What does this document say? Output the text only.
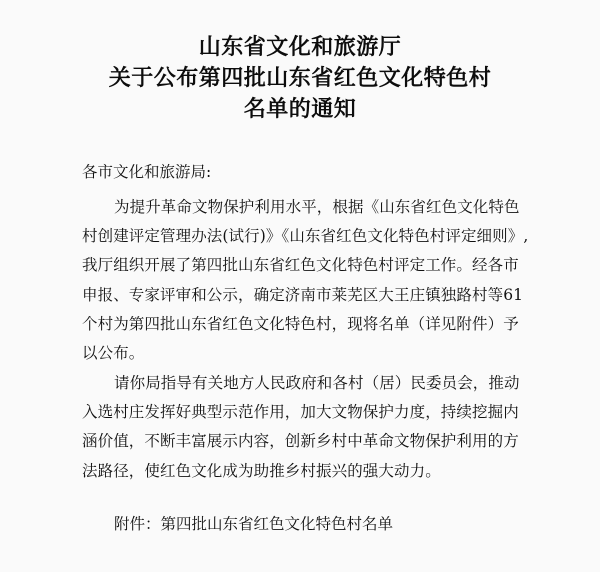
山东省文化和旅游厅
关于公布第四批山东省红色文化特色村
名单的通知
各市文化和旅游局:
为提升革命文物保护利用水平，根据《山东省红色文化特色
村创建评定管理办法(试行)》《山东省红色文化特色村评定细则》,
我厅组织开展了第四批山东省红色文化特色村评定工作。经各市
申报、专家评审和公示，确定济南市莱芜区大王庄镇独路村等61
个村为第四批山东省红色文化特色村，现将名单（详见附件）予
以公布。
请你局指导有关地方人民政府和各村（居）民委员会，推动
入选村庄发挥好典型示范作用，加大文物保护力度，持续挖掘内
涵价值，不断丰富展示内容，创新乡村中革命文物保护利用的方
法路径，使红色文化成为助推乡村振兴的强大动力。
附件：第四批山东省红色文化特色村名单
